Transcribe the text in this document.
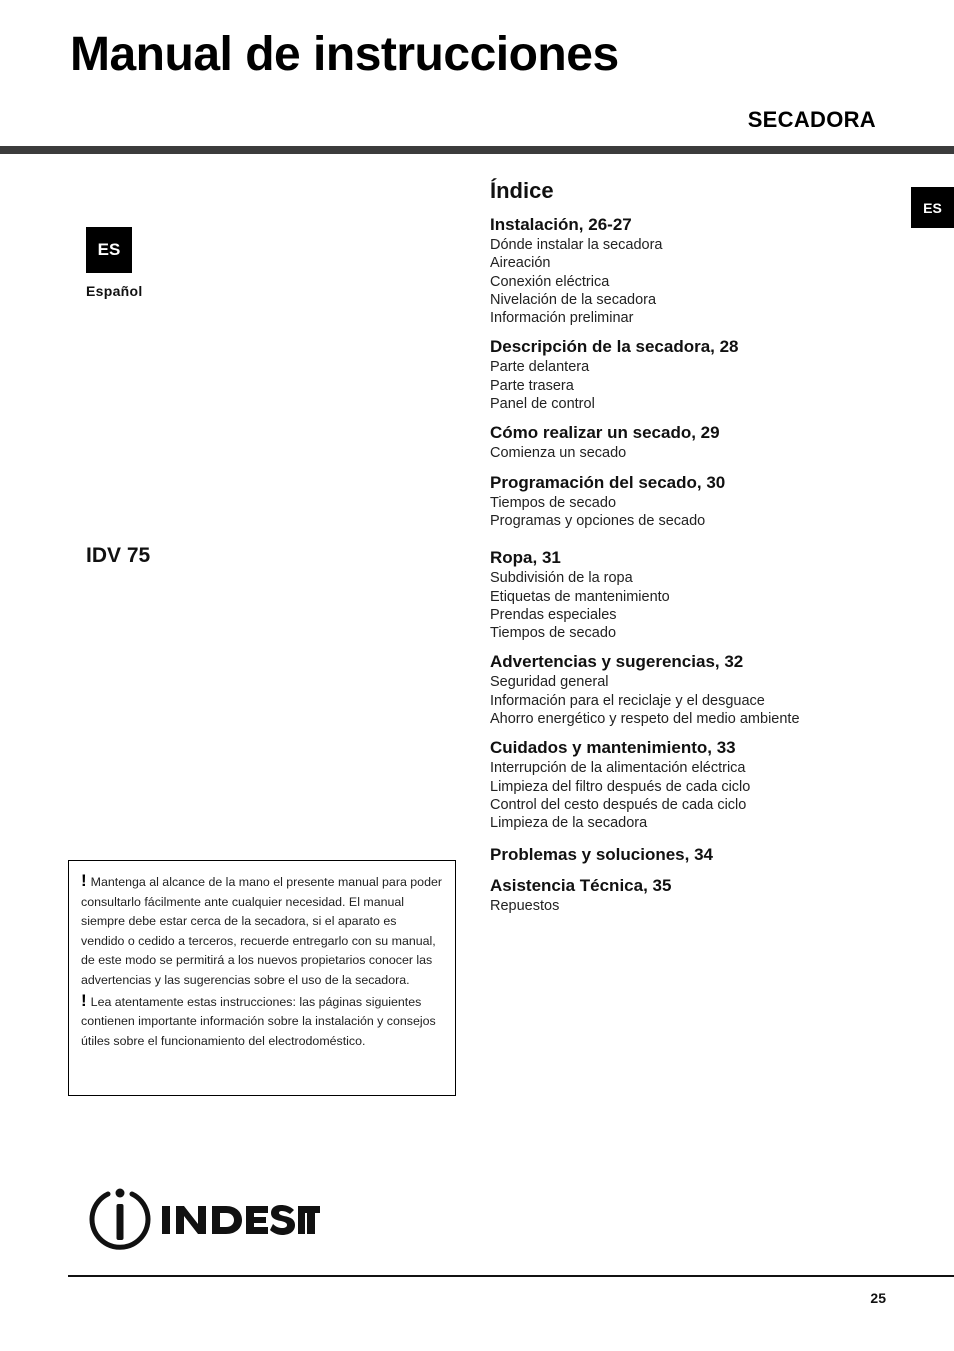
Manual de instrucciones
SECADORA
ES
Español
ES
IDV 75
Índice
Instalación, 26-27
Dónde instalar la secadora
Aireación
Conexión eléctrica
Nivelación de la secadora
Información preliminar
Descripción de la secadora, 28
Parte delantera
Parte trasera
Panel de control
Cómo realizar un secado, 29
Comienza un secado
Programación del secado, 30
Tiempos de secado
Programas y opciones de secado
Ropa, 31
Subdivisión de la ropa
Etiquetas de mantenimiento
Prendas especiales
Tiempos de secado
Advertencias y sugerencias, 32
Seguridad general
Información para el reciclaje y el desguace
Ahorro energético y respeto del medio ambiente
Cuidados y mantenimiento, 33
Interrupción de la alimentación eléctrica
Limpieza del filtro después de cada ciclo
Control del cesto después de cada ciclo
Limpieza de la secadora
Problemas y soluciones, 34
Asistencia Técnica, 35
Repuestos
! Mantenga al alcance de la mano el presente manual para poder consultarlo fácilmente ante cualquier necesidad. El manual siempre debe estar cerca de la secadora, si el aparato es vendido o cedido a terceros, recuerde entregarlo con su manual, de este modo se permitirá a los nuevos propietarios conocer las advertencias y las sugerencias sobre el uso de la secadora.
! Lea atentamente estas instrucciones: las páginas siguientes contienen importante información sobre la instalación y consejos útiles sobre el funcionamiento del electrodoméstico.
25
